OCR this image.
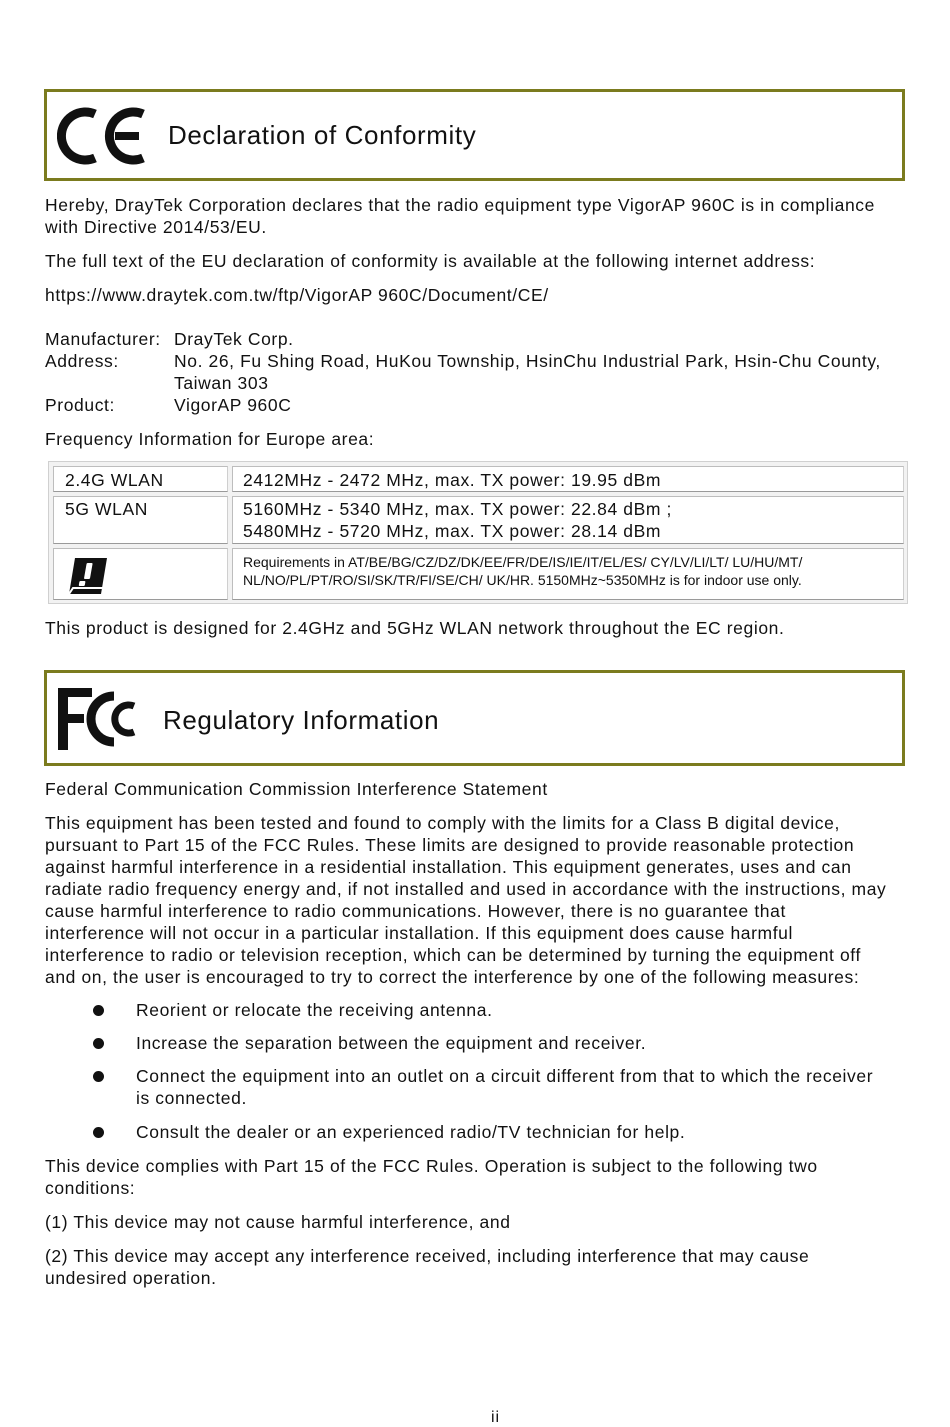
Declaration of Conformity
Hereby, DrayTek Corporation declares that the radio equipment type VigorAP 960C is in compliance
with Directive 2014/53/EU.
The full text of the EU declaration of conformity is available at the following internet address:
https://www.draytek.com.tw/ftp/VigorAP 960C/Document/CE/
Manufacturer: DrayTek Corp.
Address:	No. 26, Fu Shing Road, HuKou Township, HsinChu Industrial Park, Hsin-Chu County,
Taiwan 303
Product:	VigorAP 960C
Frequency Information for Europe area:
2.4G WLAN	2412MHz - 2472 MHz, max. TX power: 19.95 dBm
5G WLAN	5160MHz - 5340 MHz, max. TX power: 22.84 dBm ;
5480MHz - 5720 MHz, max. TX power: 28.14 dBm
Requirements in AT/BE/BG/CZ/DZ/DK/EE/FR/DE/IS/IE/IT/EL/ES/ CY/LV/LI/LT/ LU/HU/MT/
NL/NO/PL/PT/RO/SI/SK/TR/FI/SE/CH/ UK/HR. 5150MHz~5350MHz is for indoor use only.
This product is designed for 2.4GHz and 5GHz WLAN network throughout the EC region.
Regulatory Information
Federal Communication Commission Interference Statement
This equipment has been tested and found to comply with the limits for a Class B digital device,
pursuant to Part 15 of the FCC Rules. These limits are designed to provide reasonable protection
against harmful interference in a residential installation. This equipment generates, uses and can
radiate radio frequency energy and, if not installed and used in accordance with the instructions, may
cause harmful interference to radio communications. However, there is no guarantee that
interference will not occur in a particular installation. If this equipment does cause harmful
interference to radio or television reception, which can be determined by turning the equipment off
and on, the user is encouraged to try to correct the interference by one of the following measures:
Reorient or relocate the receiving antenna.
Increase the separation between the equipment and receiver.
Connect the equipment into an outlet on a circuit different from that to which the receiver
is connected.
Consult the dealer or an experienced radio/TV technician for help.
This device complies with Part 15 of the FCC Rules. Operation is subject to the following two
conditions:
(1) This device may not cause harmful interference, and
(2) This device may accept any interference received, including interference that may cause
undesired operation.
ii
